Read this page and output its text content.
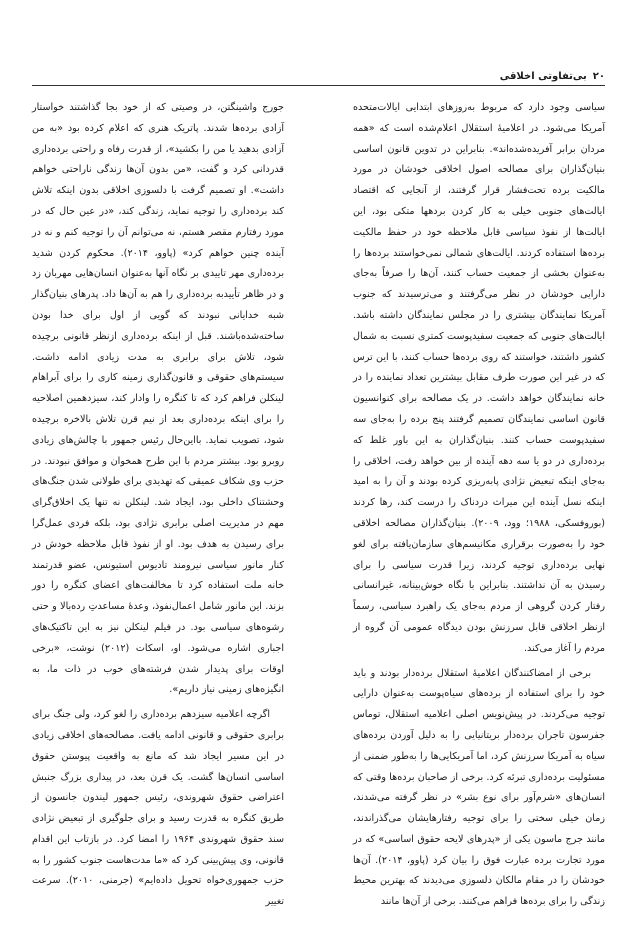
۲۰
بی‌تفاوتی اخلاقی

سیاسی وجود دارد که مربوط به‌روزهای ابتدایی ایالات‌متحده آمریکا می‌شود. در اعلامیهٔ استقلال اعلام‌شده است که «همه مردان برابر آفریده‌شده‌اند». بنابراین در تدوین قانون اساسی بنیان‌گذاران برای مصالحه اصول اخلاقی خودشان در مورد مالکیت برده تحت‌فشار قرار گرفتند، از آنجایی که اقتصاد ایالت‌های جنوبی خیلی به کار کردن بردهها متکی بود، این ایالت‌ها از نفوذ سیاسی قابل ملاحظه خود در حفظ مالکیت برده‌ها استفاده کردند. ایالت‌های شمالی نمی‌خواستند برده‌ها را به‌عنوان بخشی از جمعیت حساب کنند، آن‌ها را صرفاً به‌جای دارایی خودشان در نظر می‌گرفتند و می‌ترسیدند که جنوب آمریکا نمایندگان بیشتری را در مجلس نمایندگان داشته باشد. ایالت‌های جنوبی که جمعیت سفیدپوست کمتری نسبت به شمال کشور داشتند، خواستند که روی برده‌ها حساب کنند، با این ترس که در غیر این صورت طرف مقابل بیشترین تعداد نماینده را در خانه نمایندگان خواهد داشت. در یک مصالحه برای کنوانسیون قانون اساسی نمایندگان تصمیم گرفتند پنج برده را به‌جای سه سفیدپوست حساب کنند. بنیان‌گذاران به این باور غلط که برده‌داری در دو یا سه دهه آینده از بین خواهد رفت، اخلاقی را به‌جای اینکه تبعیض نژادی پابه‌ریزی کرده بودند و آن را به امید اینکه نسل آینده این میراث دردناک را درست کند، رها کردند (بوروفسکی، ۱۹۸۸؛ وود، ۲۰۰۹). بنیان‌گذاران مصالحه اخلاقی خود را به‌صورت برقراری مکانیسم‌های سازمان‌یافته برای لغو نهایی برده‌داری توجیه کردند، زیرا قدرت سیاسی را برای رسیدن به آن نداشتند. بنابراین با نگاه خوش‌بینانه، غیرانسانی رفتار کردن گروهی از مردم به‌جای یک راهبرد سیاسی، رسماً ازنظر اخلاقی قابل سرزنش بودن دیدگاه عمومی آن گروه از مردم را آغاز می‌کند.

برخی از امضاکنندگان اعلامیهٔ استقلال برده‌دار بودند و باید خود را برای استفاده از برده‌های سیاه‌پوست به‌عنوان دارایی توجیه می‌کردند. در پیش‌نویس اصلی اعلامیه استقلال، توماس جفرسون تاجران برده‌دار بریتانیایی را به دلیل آوردن برده‌های سیاه به آمریکا سرزنش کرد، اما آمریکایی‌ها را به‌طور ضمنی از مسئولیت برده‌داری تبرئه کرد. برخی از صاحبان برده‌ها وقتی که انسان‌های «شرم‌آور برای نوع بشر» در نظر گرفته می‌شدند، زمان خیلی سختی را برای توجیه رفتارهایشان می‌گذراندند، مانند جرج ماسون یکی از «پدرهای لایحه حقوق اساسی» که در مورد تجارت برده عبارت فوق را بیان کرد (پاوو، ۲۰۱۴). آن‌ها خودشان را در مقام مالکان دلسوزی می‌دیدند که بهترین محیط زندگی را برای برده‌ها فراهم می‌کنند. برخی از آن‌ها مانند

جورج واشینگتن، در وصیتی که از خود بجا گذاشتند خواستار آزادی برده‌ها شدند. پاتریک هنری که اعلام کرده بود «به من آزادی بدهید یا من را بکشید»، از قدرت رفاه و راحتی برده‌داری قدردانی کرد و گفت، «من بدون آن‌ها زندگی ناراحتی خواهم داشت». او تصمیم گرفت با دلسوزی اخلاقی بدون اینکه تلاش کند برده‌داری را توجیه نماید، زندگی کند، «در عین حال که در مورد رفتارم مقصر هستم، نه می‌توانم آن را توجیه کنم و نه در آینده چنین خواهم کرد» (پاوو، ۲۰۱۴). محکوم کردن شدید برده‌داری مهر تاییدی بر نگاه آنها به‌عنوان انسان‌هایی مهربان زد و در ظاهر تأییدبه برده‌داری را هم به آن‌ها داد. پدرهای بنیان‌گذار شبه خدایانی نبودند که گویی از اول برای خدا بودن ساخته‌شده‌باشند. قبل از اینکه برده‌داری ازنظر قانونی برچیده شود، تلاش برای برابری به مدت زیادی ادامه داشت. سیستم‌های حقوقی و قانون‌گذاری زمینه کاری را برای آبراهام لینکلن فراهم کرد که تا کنگره را وادار کند، سیزدهمین اصلاحیه را برای اینکه برده‌داری بعد از نیم قرن تلاش بالاخره برچیده شود، تصویب نماید. بااین‌حال رئیس جمهور با چالش‌های زیادی روبرو بود. بیشتر مردم با این طرح همخوان و موافق نبودند. در حزب وی شکاف عمیقی که تهدیدی برای طولانی شدن جنگ‌های وحشتناک داخلی بود، ایجاد شد. لینکلن نه تنها یک اخلاق‌گرای مهم در مدیریت اصلی برابری نژادی بود، بلکه فردی عمل‌گرا برای رسیدن به هدف بود. او از نفوذ قابل ملاحظه خودش در کنار مانور سیاسی نیرومند تادیوس استیونس، عضو قدرتمند خانه ملت استفاده کرد تا مخالفت‌های اعضای کنگره را دور بزند. این مانور شامل اعمال‌نفوذ، وعدهٔ مساعدتِ رده‌بالا و حتی رشوه‌های سیاسی بود. در فیلم لینکلن نیز به این تاکتیک‌های اجباری اشاره می‌شود. او، اسکات (۲۰۱۲) نوشت، «برخی اوقات برای پدیدار شدن فرشته‌های خوب در ذات ما، به انگیزه‌های زمینی نیاز داریم».

اگرچه اعلامیه سیزدهم برده‌داری را لغو کرد، ولی جنگ برای برابری حقوقی و قانونی ادامه یافت. مصالحه‌های اخلاقی زیادی در این مسیر ایجاد شد که مانع به واقعیت پیوستن حقوق اساسی انسان‌ها گشت. یک قرن بعد، در پیداری بزرگ جنبش اعتراضی حقوق شهروندی، رئیس جمهور لیندون جانسون از طریق کنگره به قدرت رسید و برای جلوگیری از تبعیض نژادی سند حقوق شهروندی ۱۹۶۴ را امضا کرد. در بازتاب این اقدام قانونی، وی پیش‌بینی کرد که «ما مدت‌هاست جنوب کشور را به حزب جمهوری‌خواه تحویل داده‌ایم» (جرمنی، ۲۰۱۰). سرعت تغییر
